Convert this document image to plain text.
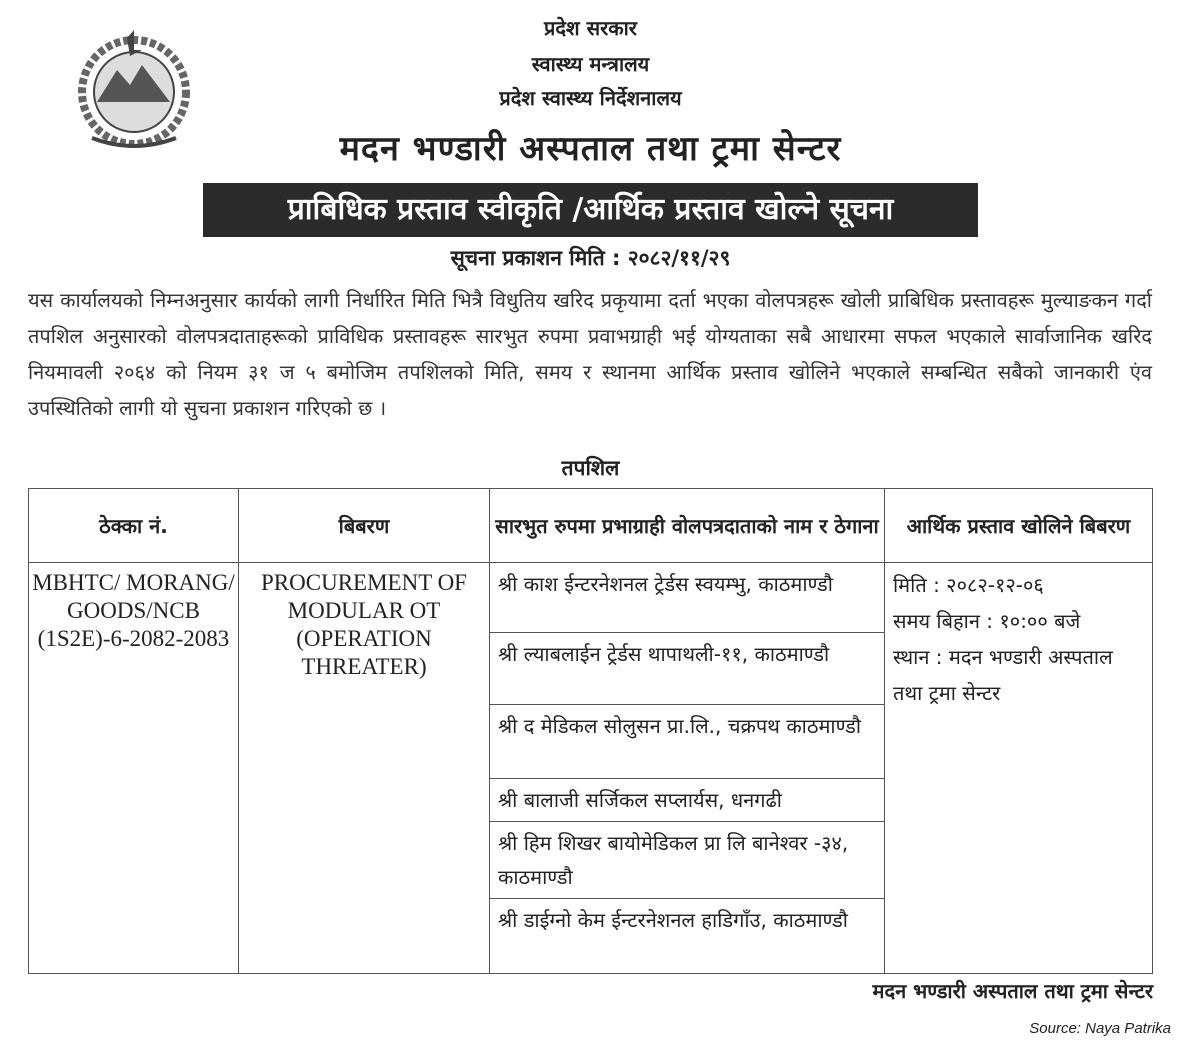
प्रदेश सरकार
स्वास्थ्य मन्त्रालय
प्रदेश स्वास्थ्य निर्देशनालय
मदन भण्डारी अस्पताल तथा ट्रमा सेन्टर
प्राबिधिक प्रस्ताव स्वीकृति /आर्थिक प्रस्ताव खोल्ने सूचना
सूचना प्रकाशन मिति : २०८२/११/२९
यस कार्यालयको निम्नअनुसार कार्यको लागी निर्धारित मिति भित्रै विधुतिय खरिद प्रकृयामा दर्ता भएका वोलपत्रहरू खोली प्राबिधिक प्रस्तावहरू मुल्याङकन गर्दा तपशिल अनुसारको वोलपत्रदाताहरूको प्राविधिक प्रस्तावहरू सारभुत रुपमा प्रवाभग्राही भई योग्यताका सबै आधारमा सफल भएकाले सार्वाजानिक खरिद नियमावली २०६४ को नियम ३१ ज ५ बमोजिम तपशिलको मिति, समय र स्थानमा आर्थिक प्रस्ताव खोलिने भएकाले सम्बन्धित सबैको जानकारी एंव उपस्थितिको लागी यो सुचना प्रकाशन गरिएको छ ।
तपशिल
ठेक्का नं.	बिबरण	सारभुत रुपमा प्रभाग्राही वोलपत्रदाताको नाम र ठेगाना	आर्थिक प्रस्ताव खोलिने बिबरण
MBHTC/ MORANG/ GOODS/NCB (1S2E)-6-2082-2083	PROCUREMENT OF MODULAR OT (OPERATION THREATER)	श्री काश ईन्टरनेशनल ट्रेर्डस स्वयम्भु, काठमाण्डौ	मिति : २०८२-१२-०६
समय बिहान : १०:०० बजे
स्थान : मदन भण्डारी अस्पताल तथा ट्रमा सेन्टर

		श्री ल्याबलाईन ट्रेर्डस थापाथली-११, काठमाण्डौ	
		श्री द मेडिकल सोलुसन प्रा.लि., चक्रपथ काठमाण्डौ	
		श्री बालाजी सर्जिकल सप्लार्यस, धनगढी	
		श्री हिम शिखर बायोमेडिकल प्रा लि बानेश्वर -३४, काठमाण्डौ	
		श्री डाईग्नो केम ईन्टरनेशनल हाडिगाँउ, काठमाण्डौ	
मदन भण्डारी अस्पताल तथा ट्रमा सेन्टर
Source: Naya Patrika
